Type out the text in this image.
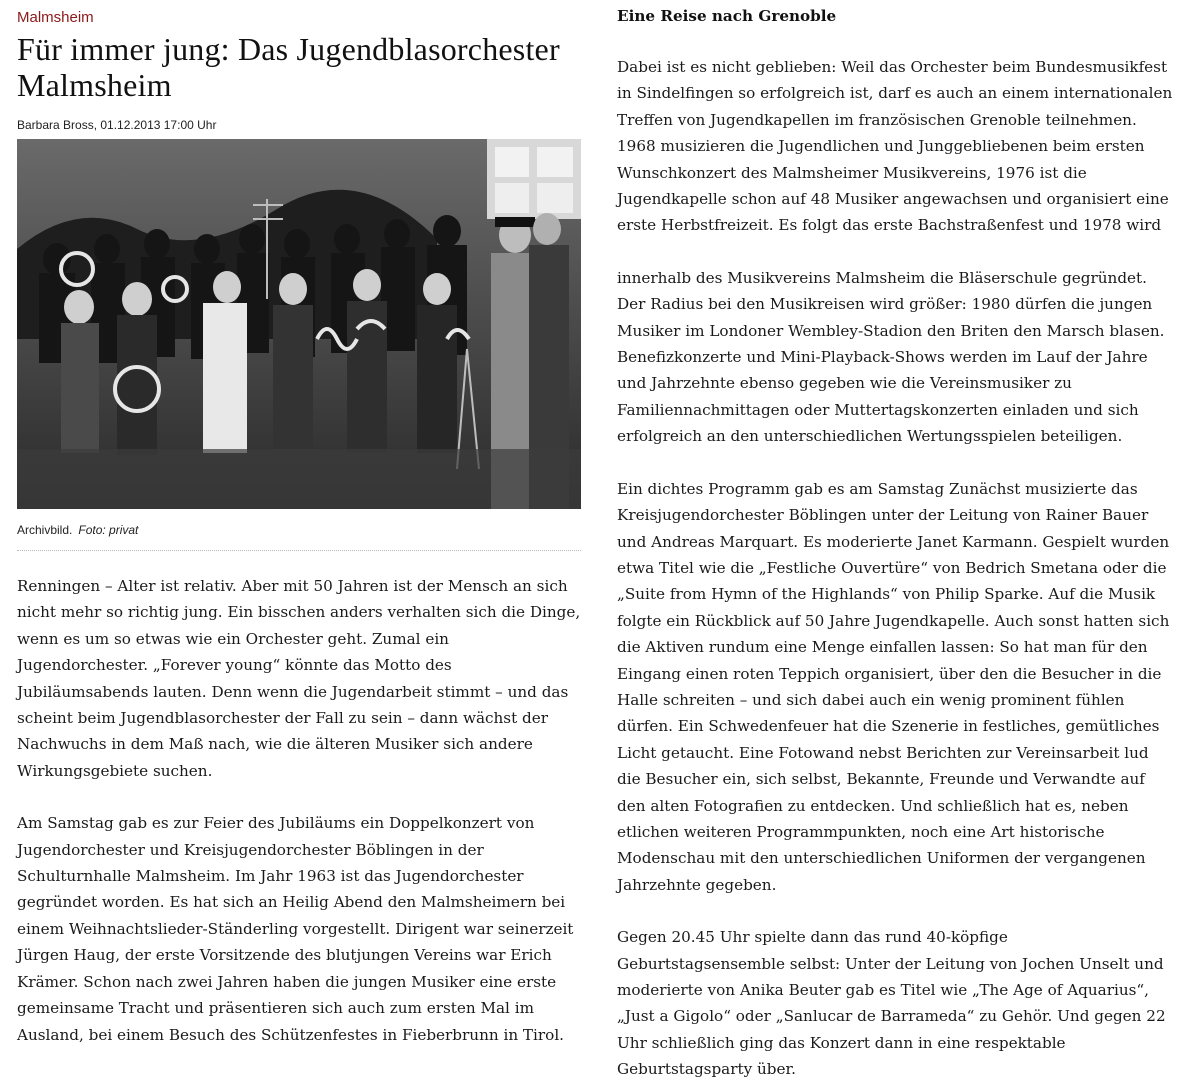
Malmsheim
Für immer jung: Das Jugendblasorchester Malmsheim
Barbara Bross, 01.12.2013 17:00 Uhr
Archivbild. Foto: privat

Renningen – Alter ist relativ. Aber mit 50 Jahren ist der Mensch an sich nicht mehr so richtig jung. Ein bisschen anders verhalten sich die Dinge, wenn es um so etwas wie ein Orchester geht. Zumal ein Jugendorchester. „Forever young“ könnte das Motto des Jubiläumsabends lauten. Denn wenn die Jugendarbeit stimmt – und das scheint beim Jugendblasorchester der Fall zu sein – dann wächst der Nachwuchs in dem Maß nach, wie die älteren Musiker sich andere Wirkungsgebiete suchen.

Am Samstag gab es zur Feier des Jubiläums ein Doppelkonzert von Jugendorchester und Kreisjugendorchester Böblingen in der Schulturnhalle Malmsheim. Im Jahr 1963 ist das Jugendorchester gegründet worden. Es hat sich an Heilig Abend den Malmsheimern bei einem Weihnachtslieder-Ständerling vorgestellt. Dirigent war seinerzeit Jürgen Haug, der erste Vorsitzende des blutjungen Vereins war Erich Krämer. Schon nach zwei Jahren haben die jungen Musiker eine erste gemeinsame Tracht und präsentieren sich auch zum ersten Mal im Ausland, bei einem Besuch des Schützenfestes in Fieberbrunn in Tirol.

Eine Reise nach Grenoble

Dabei ist es nicht geblieben: Weil das Orchester beim Bundesmusikfest in Sindelfingen so erfolgreich ist, darf es auch an einem internationalen Treffen von Jugendkapellen im französischen Grenoble teilnehmen. 1968 musizieren die Jugendlichen und Junggebliebenen beim ersten Wunschkonzert des Malmsheimer Musikvereins, 1976 ist die Jugendkapelle schon auf 48 Musiker angewachsen und organisiert eine erste Herbstfreizeit. Es folgt das erste Bachstraßenfest und 1978 wird

innerhalb des Musikvereins Malmsheim die Bläserschule gegründet. Der Radius bei den Musikreisen wird größer: 1980 dürfen die jungen Musiker im Londoner Wembley-Stadion den Briten den Marsch blasen. Benefizkonzerte und Mini-Playback-Shows werden im Lauf der Jahre und Jahrzehnte ebenso gegeben wie die Vereinsmusiker zu Familiennachmittagen oder Muttertagskonzerten einladen und sich erfolgreich an den unterschiedlichen Wertungsspielen beteiligen.

Ein dichtes Programm gab es am Samstag Zunächst musizierte das Kreisjugendorchester Böblingen unter der Leitung von Rainer Bauer und Andreas Marquart. Es moderierte Janet Karmann. Gespielt wurden etwa Titel wie die „Festliche Ouvertüre“ von Bedrich Smetana oder die „Suite from Hymn of the Highlands“ von Philip Sparke. Auf die Musik folgte ein Rückblick auf 50 Jahre Jugendkapelle. Auch sonst hatten sich die Aktiven rundum eine Menge einfallen lassen: So hat man für den Eingang einen roten Teppich organisiert, über den die Besucher in die Halle schreiten – und sich dabei auch ein wenig prominent fühlen dürfen. Ein Schwedenfeuer hat die Szenerie in festliches, gemütliches Licht getaucht. Eine Fotowand nebst Berichten zur Vereinsarbeit lud die Besucher ein, sich selbst, Bekannte, Freunde und Verwandte auf den alten Fotografien zu entdecken. Und schließlich hat es, neben etlichen weiteren Programmpunkten, noch eine Art historische Modenschau mit den unterschiedlichen Uniformen der vergangenen Jahrzehnte gegeben.

Gegen 20.45 Uhr spielte dann das rund 40-köpfige Geburtstagsensemble selbst: Unter der Leitung von Jochen Unselt und moderierte von Anika Beuter gab es Titel wie „The Age of Aquarius“, „Just a Gigolo“ oder „Sanlucar de Barrameda“ zu Gehör. Und gegen 22 Uhr schließlich ging das Konzert dann in eine respektable Geburtstagsparty über.
